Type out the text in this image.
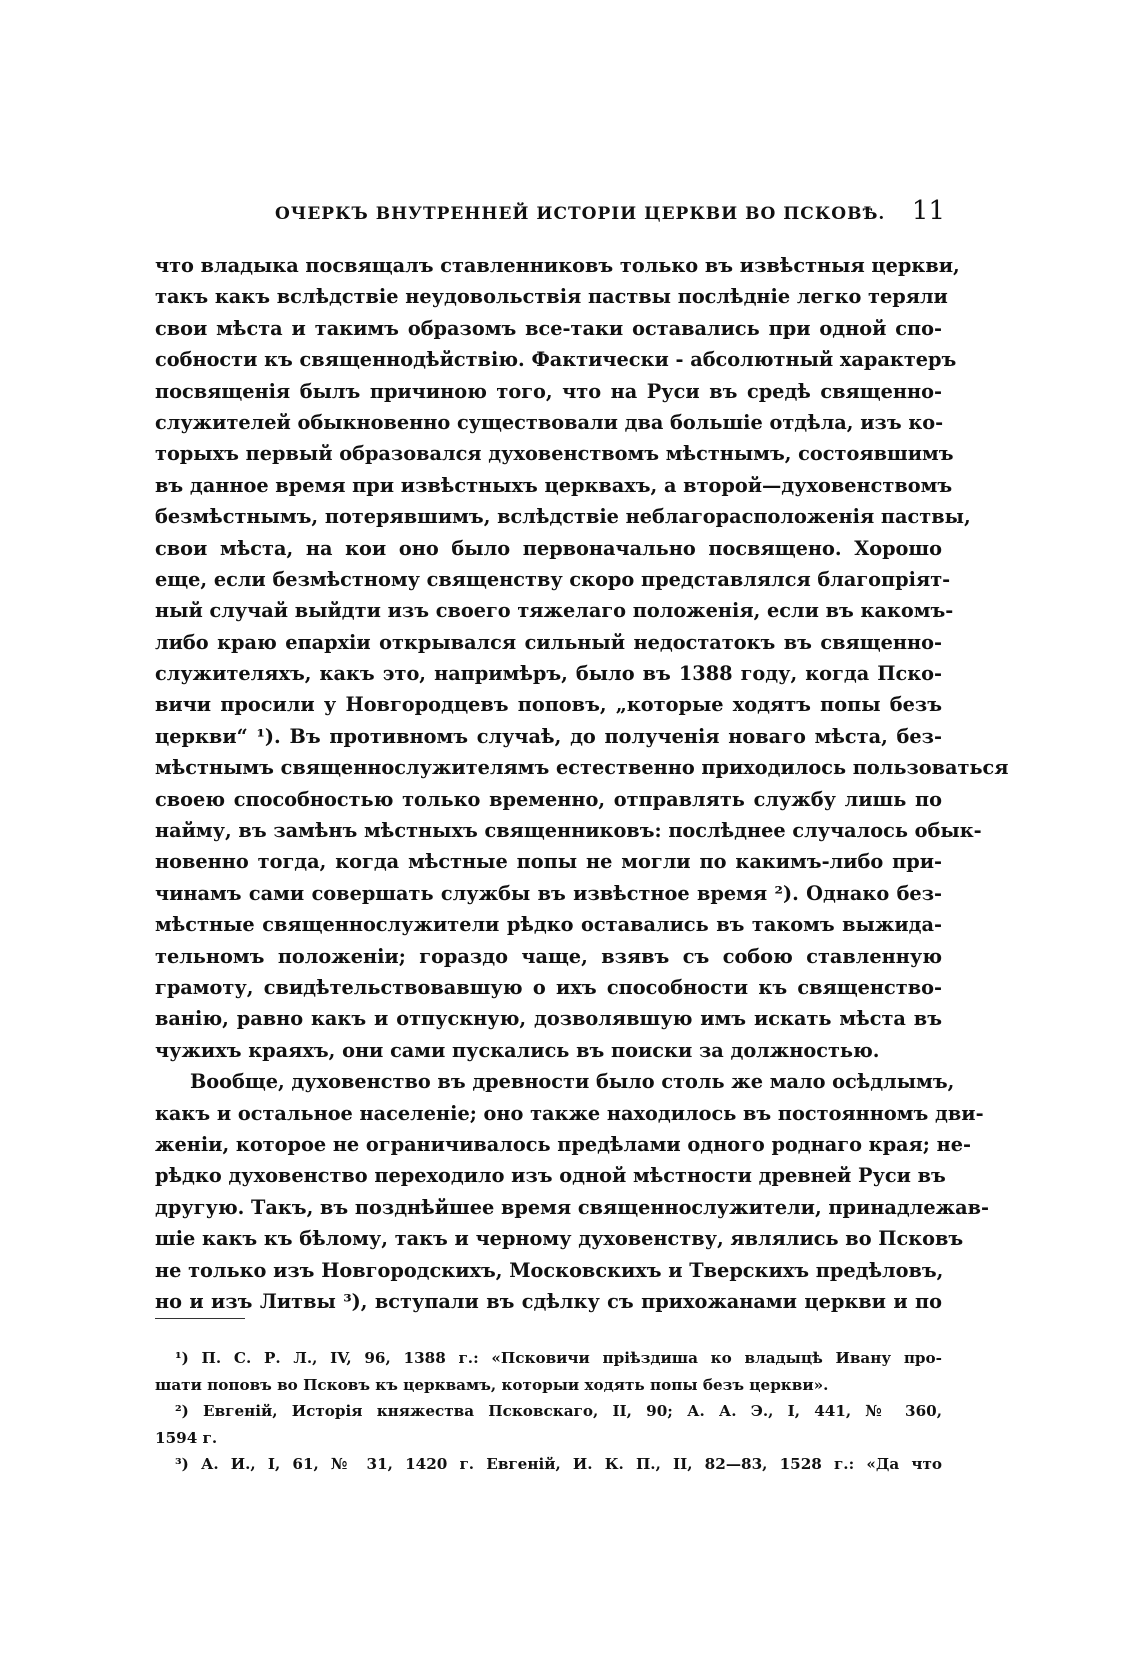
ОЧЕРКЪ ВНУТРЕННЕЙ ИСТОРІИ ЦЕРКВИ ВО ПСКОВѢ. 11
что владыка посвящалъ ставленниковъ только въ извѣстныя церкви,
такъ какъ вслѣдствіе неудовольствія паствы послѣдніе легко теряли
свои мѣста и такимъ образомъ все-таки оставались при одной спо-
собности къ священнодѣйствію. Фактически - абсолютный характеръ
посвященія былъ причиною того, что на Руси въ средѣ священно-
служителей обыкновенно существовали два большіе отдѣла, изъ ко-
торыхъ первый образовался духовенствомъ мѣстнымъ, состоявшимъ
въ данное время при извѣстныхъ церквахъ, а второй—духовенствомъ
безмѣстнымъ, потерявшимъ, вслѣдствіе неблагорасположенія паствы,
свои мѣста, на кои оно было первоначально посвящено. Хорошо
еще, если безмѣстному священству скоро представлялся благопріят-
ный случай выйдти изъ своего тяжелаго положенія, если въ какомъ-
либо краю епархіи открывался сильный недостатокъ въ священно-
служителяхъ, какъ это, напримѣръ, было въ 1388 году, когда Пско-
вичи просили у Новгородцевъ поповъ, „которые ходятъ попы безъ
церкви“ ¹). Въ противномъ случаѣ, до полученія новаго мѣста, без-
мѣстнымъ священнослужителямъ естественно приходилось пользоваться
своею способностью только временно, отправлять службу лишь по
найму, въ замѣнъ мѣстныхъ священниковъ: послѣднее случалось обык-
новенно тогда, когда мѣстные попы не могли по какимъ-либо при-
чинамъ сами совершать службы въ извѣстное время ²). Однако без-
мѣстные священнослужители рѣдко оставались въ такомъ выжида-
тельномъ положеніи; гораздо чаще, взявъ съ собою ставленную
грамоту, свидѣтельствовавшую о ихъ способности къ священство-
ванію, равно какъ и отпускную, дозволявшую имъ искать мѣста въ
чужихъ краяхъ, они сами пускались въ поиски за должностью.
Вообще, духовенство въ древности было столь же мало осѣдлымъ,
какъ и остальное населеніе; оно также находилось въ постоянномъ дви-
женіи, которое не ограничивалось предѣлами одного роднаго края; не-
рѣдко духовенство переходило изъ одной мѣстности древней Руси въ
другую. Такъ, въ позднѣйшее время священнослужители, принадлежав-
шіе какъ къ бѣлому, такъ и черному духовенству, являлись во Псковъ
не только изъ Новгородскихъ, Московскихъ и Тверскихъ предѣловъ,
но и изъ Литвы ³), вступали въ сдѣлку съ прихожанами церкви и по
¹) П. С. Р. Л., IV, 96, 1388 г.: «Псковичи пріѣздиша ко владыцѣ Ивану про-
шати поповъ во Псковъ къ церквамъ, которыи ходять попы безъ церкви».
²) Евгеній, Исторія княжества Псковскаго, II, 90; А. А. Э., I, 441, № 360,
1594 г.
³) А. И., I, 61, № 31, 1420 г. Евгеній, И. К. П., II, 82—83, 1528 г.: «Да что
